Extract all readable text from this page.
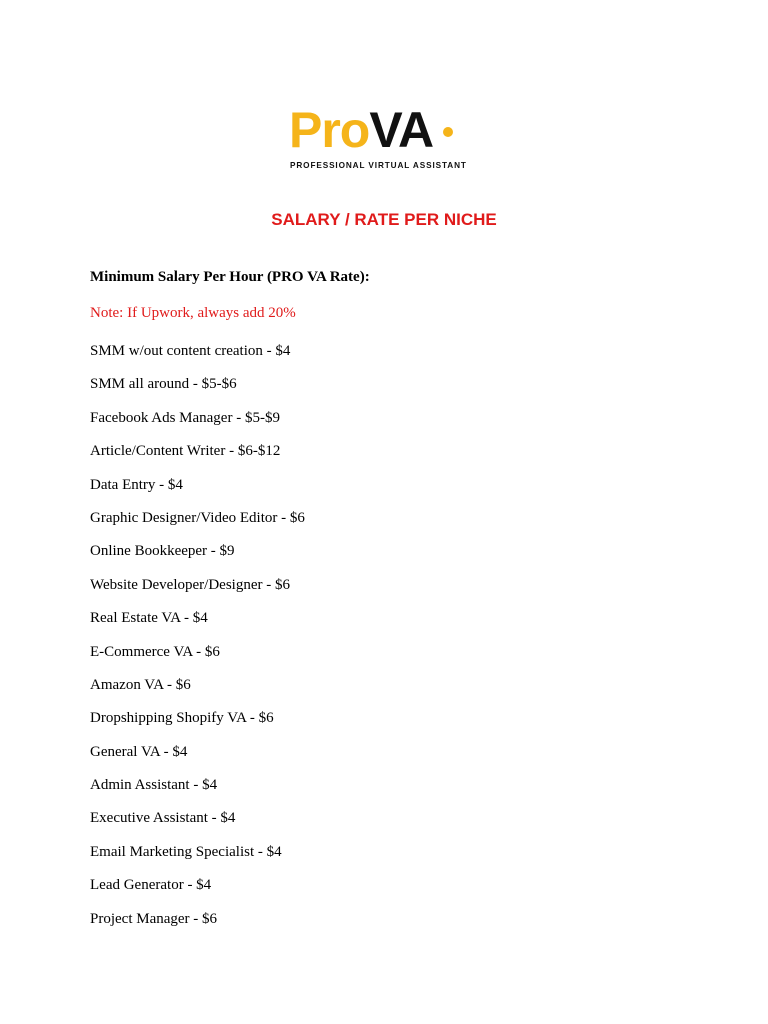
ProVA
PROFESSIONAL VIRTUAL ASSISTANT
SALARY / RATE PER NICHE
Minimum Salary Per Hour (PRO VA Rate):
Note: If Upwork, always add 20%
SMM w/out content creation - $4
SMM all around - $5-$6
Facebook Ads Manager - $5-$9
Article/Content Writer - $6-$12
Data Entry - $4
Graphic Designer/Video Editor - $6
Online Bookkeeper - $9
Website Developer/Designer - $6
Real Estate VA - $4
E-Commerce VA - $6
Amazon VA - $6
Dropshipping Shopify VA - $6
General VA - $4
Admin Assistant - $4
Executive Assistant - $4
Email Marketing Specialist - $4
Lead Generator - $4
Project Manager - $6
